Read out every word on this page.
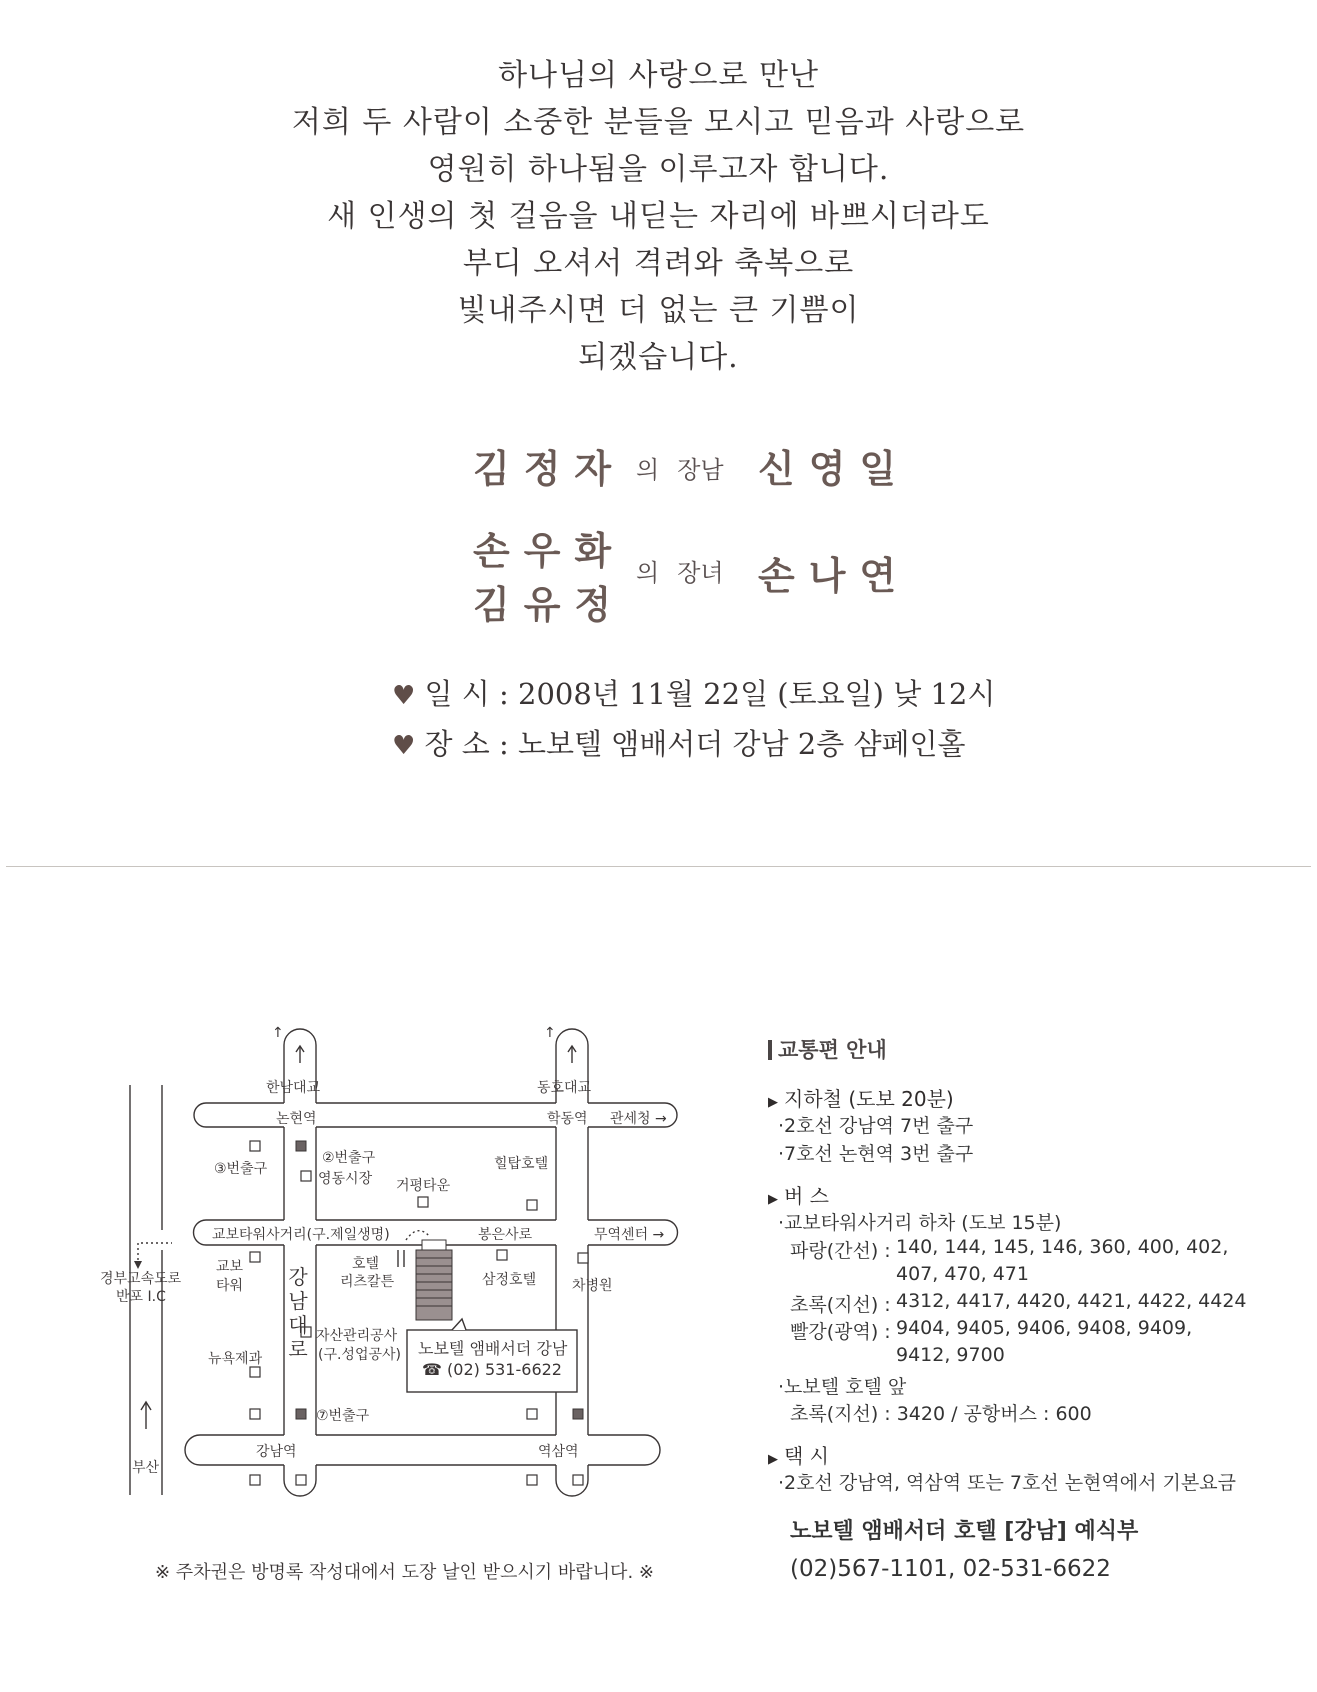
하나님의 사랑으로 만난
저희 두 사람이 소중한 분들을 모시고 믿음과 사랑으로
영원히 하나됨을 이루고자 합니다.
새 인생의 첫 걸음을 내딛는 자리에 바쁘시더라도
부디 오셔서 격려와 축복으로
빛내주시면 더 없는 큰 기쁨이
되겠습니다.
김정자 의 장남 신영일
손우화
김유정
의 장녀 손나연
♥ 일 시 : 2008년 11월 22일 (토요일) 낮 12시
♥ 장 소 : 노보텔 앰배서더 강남 2층 샴페인홀
↑	↑
한남대교	동호대교
논현역	학동역 관세청 →
③번출구
②번출구
영동시장 거평타운
힐탑호텔
교보타워사거리(구.제일생명)	봉은사로	무역센터 →
교보
타워 강
남
대
로
호텔
리츠칼튼	삼정호텔	차병원
자산관리공사
(구.성업공사) 노보텔 앰배서더 강남
☎ (02) 531-6622
뉴욕제과
⑦번출구
강남역	역삼역
경부고속도로
반포 I.C
부산
※ 주차권은 방명록 작성대에서 도장 날인 받으시기 바랍니다. ※
교통편 안내
▶ 지하철 (도보 20분)
·2호선 강남역 7번 출구
·7호선 논현역 3번 출구
▶ 버 스
·교보타워사거리 하차 (도보 15분)
파랑(간선) : 140, 144, 145, 146, 360, 400, 402,
407, 470, 471
초록(지선) : 4312, 4417, 4420, 4421, 4422, 4424
빨강(광역) : 9404, 9405, 9406, 9408, 9409,
9412, 9700
·노보텔 호텔 앞
초록(지선) : 3420 / 공항버스 : 600
▶ 택 시
·2호선 강남역, 역삼역 또는 7호선 논현역에서 기본요금
노보텔 앰배서더 호텔 [강남] 예식부
(02)567-1101, 02-531-6622
